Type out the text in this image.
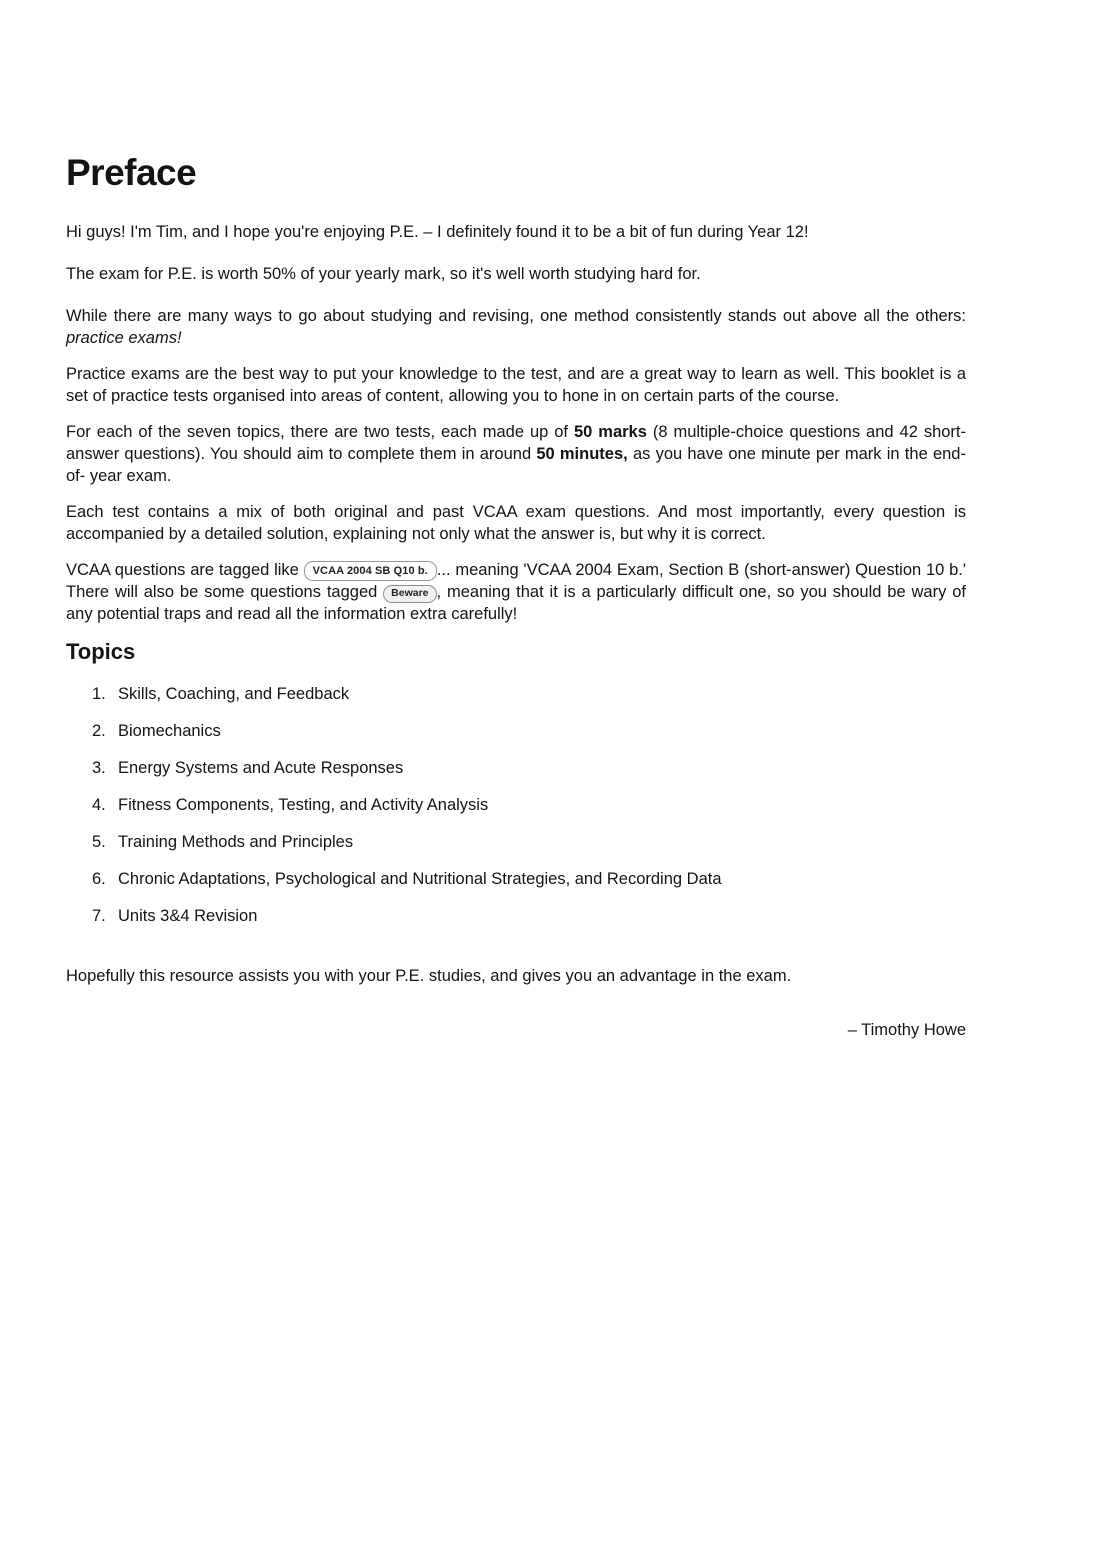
Preface

Hi guys! I'm Tim, and I hope you're enjoying P.E. – I definitely found it to be a bit of fun during Year 12!

The exam for P.E. is worth 50% of your yearly mark, so it's well worth studying hard for.

While there are many ways to go about studying and revising, one method consistently stands out above all the others: practice exams!

Practice exams are the best way to put your knowledge to the test, and are a great way to learn as well. This booklet is a set of practice tests organised into areas of content, allowing you to hone in on certain parts of the course.

For each of the seven topics, there are two tests, each made up of 50 marks (8 multiple-choice questions and 42 short-answer questions). You should aim to complete them in around 50 minutes, as you have one minute per mark in the end-of- year exam.

Each test contains a mix of both original and past VCAA exam questions. And most importantly, every question is accompanied by a detailed solution, explaining not only what the answer is, but why it is correct.

VCAA questions are tagged like VCAA 2004 SB Q10 b. ... meaning 'VCAA 2004 Exam, Section B (short-answer) Question 10 b.' There will also be some questions tagged Beware , meaning that it is a particularly difficult one, so you should be wary of any potential traps and read all the information extra carefully!

Topics
1. Skills, Coaching, and Feedback
2. Biomechanics
3. Energy Systems and Acute Responses
4. Fitness Components, Testing, and Activity Analysis
5. Training Methods and Principles
6. Chronic Adaptations, Psychological and Nutritional Strategies, and Recording Data
7. Units 3&4 Revision

Hopefully this resource assists you with your P.E. studies, and gives you an advantage in the exam.

– Timothy Howe
